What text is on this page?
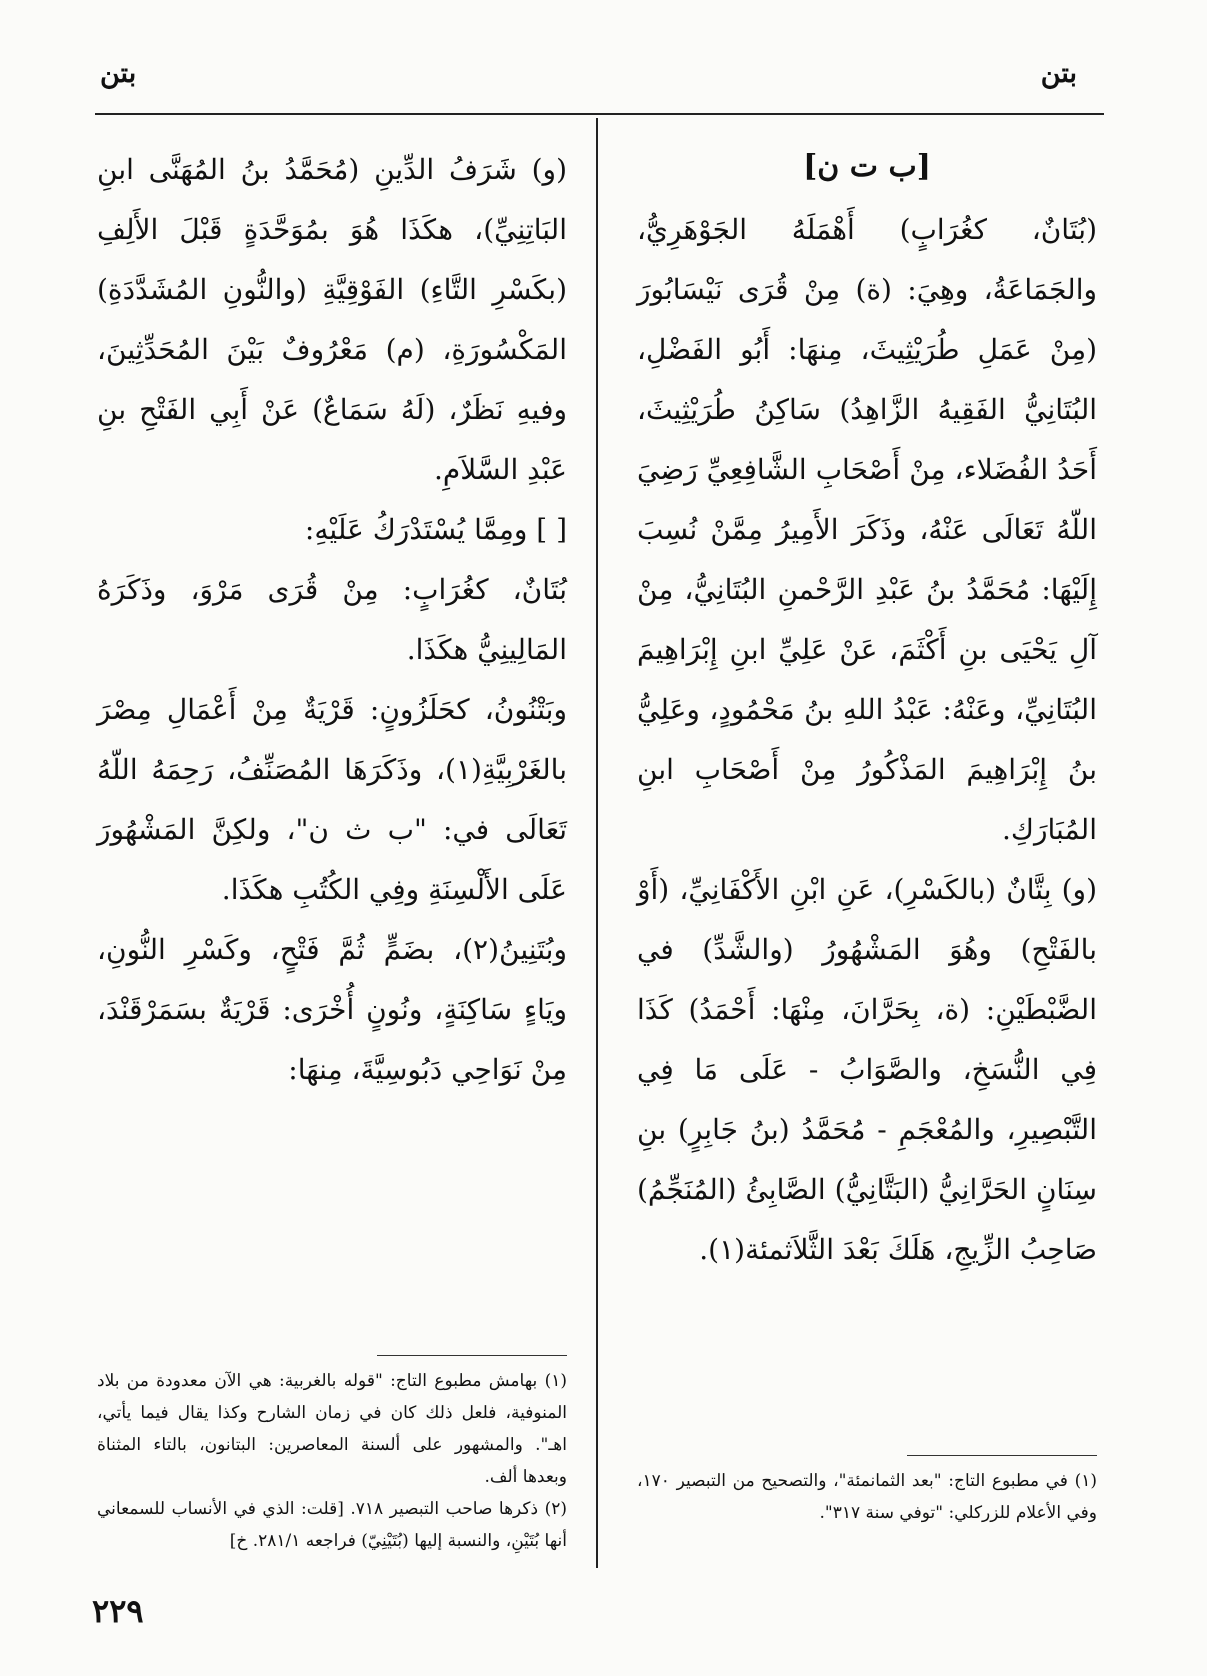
بتن
بتن

[ب ت ن]

(بُتَانٌ، كغُرَابٍ) أَهْمَلَهُ الجَوْهَرِيُّ، والجَمَاعَةُ، وهِيَ: (ة) مِنْ قُرَى نَيْسَابُورَ (مِنْ عَمَلِ طُرَيْثِيثَ، مِنهَا: أَبُو الفَضْلِ، البُتَانِيُّ الفَقِيهُ الزَّاهِدُ) سَاكِنُ طُرَيْثِيثَ، أَحَدُ الفُضَلاء، مِنْ أَصْحَابِ الشَّافِعِيِّ رَضِيَ اللّهُ تَعَالَى عَنْهُ، وذَكَرَ الأَمِيرُ مِمَّنْ نُسِبَ إِلَيْهَا: مُحَمَّدُ بنُ عَبْدِ الرَّحْمنِ البُتَانِيُّ، مِنْ آلِ يَحْيَى بنِ أَكْثَمَ، عَنْ عَلِيِّ ابنِ إِبْرَاهِيمَ البُتَانِيِّ، وعَنْهُ: عَبْدُ اللهِ بنُ مَحْمُودٍ، وعَلِيُّ بنُ إِبْرَاهِيمَ المَذْكُورُ مِنْ أَصْحَابِ ابنِ المُبَارَكِ.

(و) بِتَّانٌ (بالكَسْرِ)، عَنِ ابْنِ الأَكْفَانِيِّ، (أَوْ بالفَتْحِ) وهُوَ المَشْهُورُ (والشَّدِّ) في الضَّبْطَيْنِ: (ة، بِحَرَّانَ، مِنْهَا: أَحْمَدُ) كَذَا فِي النُّسَخِ، والصَّوَابُ - عَلَى مَا فِي التَّبْصِيرِ، والمُعْجَمِ - مُحَمَّدُ (بنُ جَابِرٍ) بنِ سِنَانٍ الحَرَّانِيُّ (البَتَّانِيُّ) الصَّابِئُ (المُنَجِّمُ) صَاحِبُ الزِّيجِ، هَلَكَ بَعْدَ الثَّلاَثمئة(١).

(و) شَرَفُ الدِّينِ (مُحَمَّدُ بنُ المُهَنَّى ابنِ البَاتِنِيِّ)، هكَذَا هُوَ بمُوَحَّدَةٍ قَبْلَ الأَلِفِ (بكَسْرِ التَّاءِ) الفَوْقِيَّةِ (والنُّونِ المُشَدَّدَةِ) المَكْسُورَةِ، (م) مَعْرُوفٌ بَيْنَ المُحَدِّثِينَ، وفيهِ نَظَرٌ، (لَهُ سَمَاعٌ) عَنْ أَبِي الفَتْحِ بنِ عَبْدِ السَّلاَمِ.

[ ] ومِمَّا يُسْتَدْرَكُ عَلَيْهِ:

بُتَانٌ، كغُرَابٍ: مِنْ قُرَى مَرْوَ، وذَكَرَهُ المَالِينِيُّ هكَذَا.

وبَتْنُونُ، كحَلَزُونٍ: قَرْيَةٌ مِنْ أَعْمَالِ مِصْرَ بالغَرْبِيَّةِ(١)، وذَكَرَهَا المُصَنِّفُ، رَحِمَهُ اللّهُ تَعَالَى في: "ب ث ن"، ولكِنَّ المَشْهُورَ عَلَى الأَلْسِنَةِ وفِي الكُتُبِ هكَذَا.

وبُتَنِينُ(٢)، بضَمٍّ ثُمَّ فَتْحٍ، وكَسْرِ النُّونِ، ويَاءٍ سَاكِنَةٍ، ونُونٍ أُخْرَى: قَرْيَةٌ بسَمَرْقَنْدَ، مِنْ نَوَاحِي دَبُوسِيَّةَ، مِنهَا:

(١) في مطبوع التاج: "بعد الثمانمئة"، والتصحيح من التبصير ١٧٠، وفي الأعلام للزركلي: "توفي سنة ٣١٧".

(١) بهامش مطبوع التاج: "قوله بالغربية: هي الآن معدودة من بلاد المنوفية، فلعل ذلك كان في زمان الشارح وكذا يقال فيما يأتي، اهـ". والمشهور على ألسنة المعاصرين: البتانون، بالتاء المثناة وبعدها ألف.

(٢) ذكرها صاحب التبصير ٧١٨. [قلت: الذي في الأنساب للسمعاني أنها بُتَيْنِ، والنسبة إليها (بُتَيْنِيّ) فراجعه ٢٨١/١. خ]

٢٢٩
